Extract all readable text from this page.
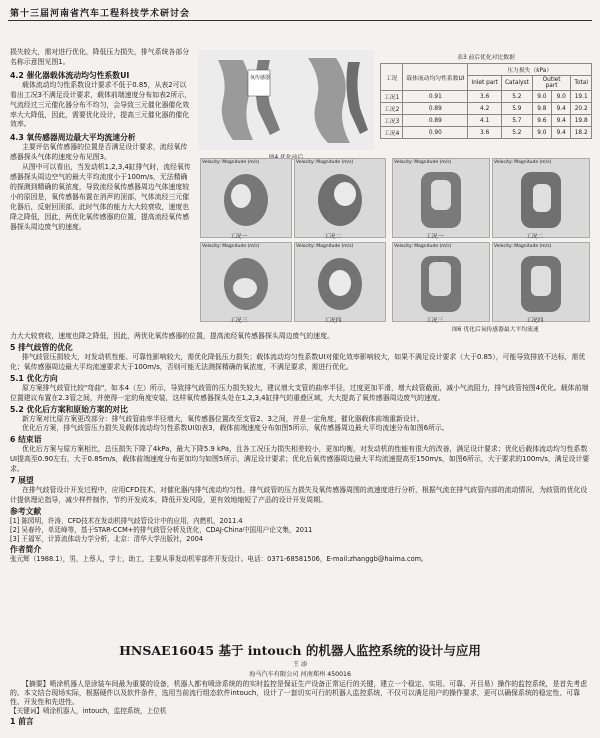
第十三届河南省汽车工程科技学术研讨会

损失较大，需对进行优化，降低压力损失，排气系统各部分名称示意图见图1。

4.2 催化器载体流动均匀性系数UI

载体流动均匀性系数设计要求不低于0.85，从表2可以看出工况3不满足设计要求，载体前端速度分布如表2所示，气流经过三元催化器分布不均匀，会导致三元催化器催化效率大大降低，因此，需要优化设计，提高三元催化器的催化效率。

4.3 氧传感器周边最大平均流速分析

主要评估氧传感器的位置是否满足设计要求，流经氧传感器探头气体的速度分布见图3。

从图中可以看出，当发动机1,2,3,4缸排气时，流经氧传感器探头周边空气的最大平均流度小于100m/s，无法精确的探测到精确的氧浓度，导致流经氧传感器周边气体速度较小的原因是，氧传感器布置在消声的顶部，气体流经三元催化器后，反射回顶部，此时气体的能力大大较衰收，速度也降之降低，因此，两优化氧传感器的位置，提高流经氧传感器探头周边废气的速度。

氧传感器
表3 前后优化对比数据
工况	载体流动均匀性系数UI	压力损失（kPa）				
		Inlet part	Catalyst	Outlet part		Total
工况1	0.91	3.6	5.2	9.0	9.0	19.1
工况2	0.89	4.2	5.9	9.8	9.4	20.2
工况3	0.89	4.1	5.7	9.6	9.4	19.8
工况4	0.90	3.6	5.2	9.0	9.4	18.2
Velocity: Magnitude (m/s)	Velocity: Magnitude (m/s)
Velocity: Magnitude (m/s)	Velocity: Magnitude (m/s)
工况一	工况二
工况三	工况四
Velocity: Magnitude (m/s)	Velocity: Magnitude (m/s)
Velocity: Magnitude (m/s)	Velocity: Magnitude (m/s)
工况一	工况二
工况三	工况四
图6 优化后氧传感器最大平均流速

力大大较衰收，速度也降之降低，因此，两优化氧传感器的位置，提高流经氧传感器探头周边废气的速度。

5 排气歧管的优化

排气歧管压损较大，对发动机性能、可靠性影响较大，需优化降低压力损失；载体流动均匀性系数UI对催化效率影响较大，如果不满足设计要求（大于0.85），可能导致排放不达标，需优化；氧传感器周边最大平均流速要求大于100m/s，否则可能无法测探精确的氧浓度，不满足要求，需进行优化。

5.1 优化方向

原方案排气歧管比较"弯曲"，如本4（左）所示，导致排气歧管的压力损失较大，建议增大支管的曲率半径，过度更加平滑，增大歧管截面，减小气流阻力，排气歧管按图4优化。载体前端位置建议布置在2.3管之间，并使得一定的角度安装，这样氧传感器探头处在1,2,3,4缸排气的重叠区域，大大提高了氧传感器周边废气的速度。

5.2 优化后方案和原始方案的对比

新方案对比原方案更改部分：排气歧管曲率半径增大，氧传感器位置改至支管2、3之间，并是一定角度，催化器载体前端重新设计。

优化后方案，排气歧管压力损失及载体流动均匀性系数UI如表3，载体前端速度分布如图5所示，氧传感器周边最大平均流速分布如图6所示。

6 结束语

优化后方案与原方案相比，总压损失下降了4kPa，最大下降5.9 kPa，且各工况压力损失相差较小，更加均衡，对发动机的性能有很大的改善，满足设计要求；优化后载体流动均匀性系数UI提高至0.90左右，大于0.85m/s，载体前端速度分布更加均匀如图5所示，满足设计要求；优化后氧传感器周边最大平均流速提高至150m/s，如图6所示，大于要求的100m/s，满足设计要求。

7 展望

在排气歧管设计开发过程中，应用CFD技术，对催化器内排气流动均匀性、排气歧管的压力损失及氧传感器周围的流速度进行分析，根据气流在排气歧管内部的流动情况，为歧管的优化设计提供理论指导，减少样件制作，节约开发成本，降低开发风险，更有效地缩短了产品的设计开发周期。

参考文献
[1] 陈园明，许涛，CFD技术在发动机排气歧管设计中的应用，内燃机，2011.4
[2] 吴春玲，单廷峰等，基于STAR-CCM+的排气歧管分析及优化，CDAJ-China中国用户论文集，2011
[3] 王福军，计算流体动力学分析，北京：清华大学出版社，2004
作者简介
张元辉（1988.1），男，上蔡人，学士，助工，主要从事发动机零部件开发设计。电话：0371-68581506，E-mail:zhanggb@haima.com。
HNSAE16045 基于 intouch 的机器人监控系统的设计与应用
王 添
海马汽车有限公司 河南郑州 450016

【摘要】喷涂机器人是涂装车间最为重要的设备，机器人都有喷涂系统的的实时监控是保证生产设备正常运行的关键，建立一个稳定、实用、可靠、开目易）操作的监控系统，是首先考虑的。本文结合现场实际，根据硬件以及软件条件，选用当前流行组态软件intouch，设计了一套切实可行的机器人监控系统，不仅可以满足用户的操作要求，更可以确保系统的稳定性、可靠性、开发性和先进性。

【关键词】喷涂机器人，intouch，监控系统，上位机
1 前言
